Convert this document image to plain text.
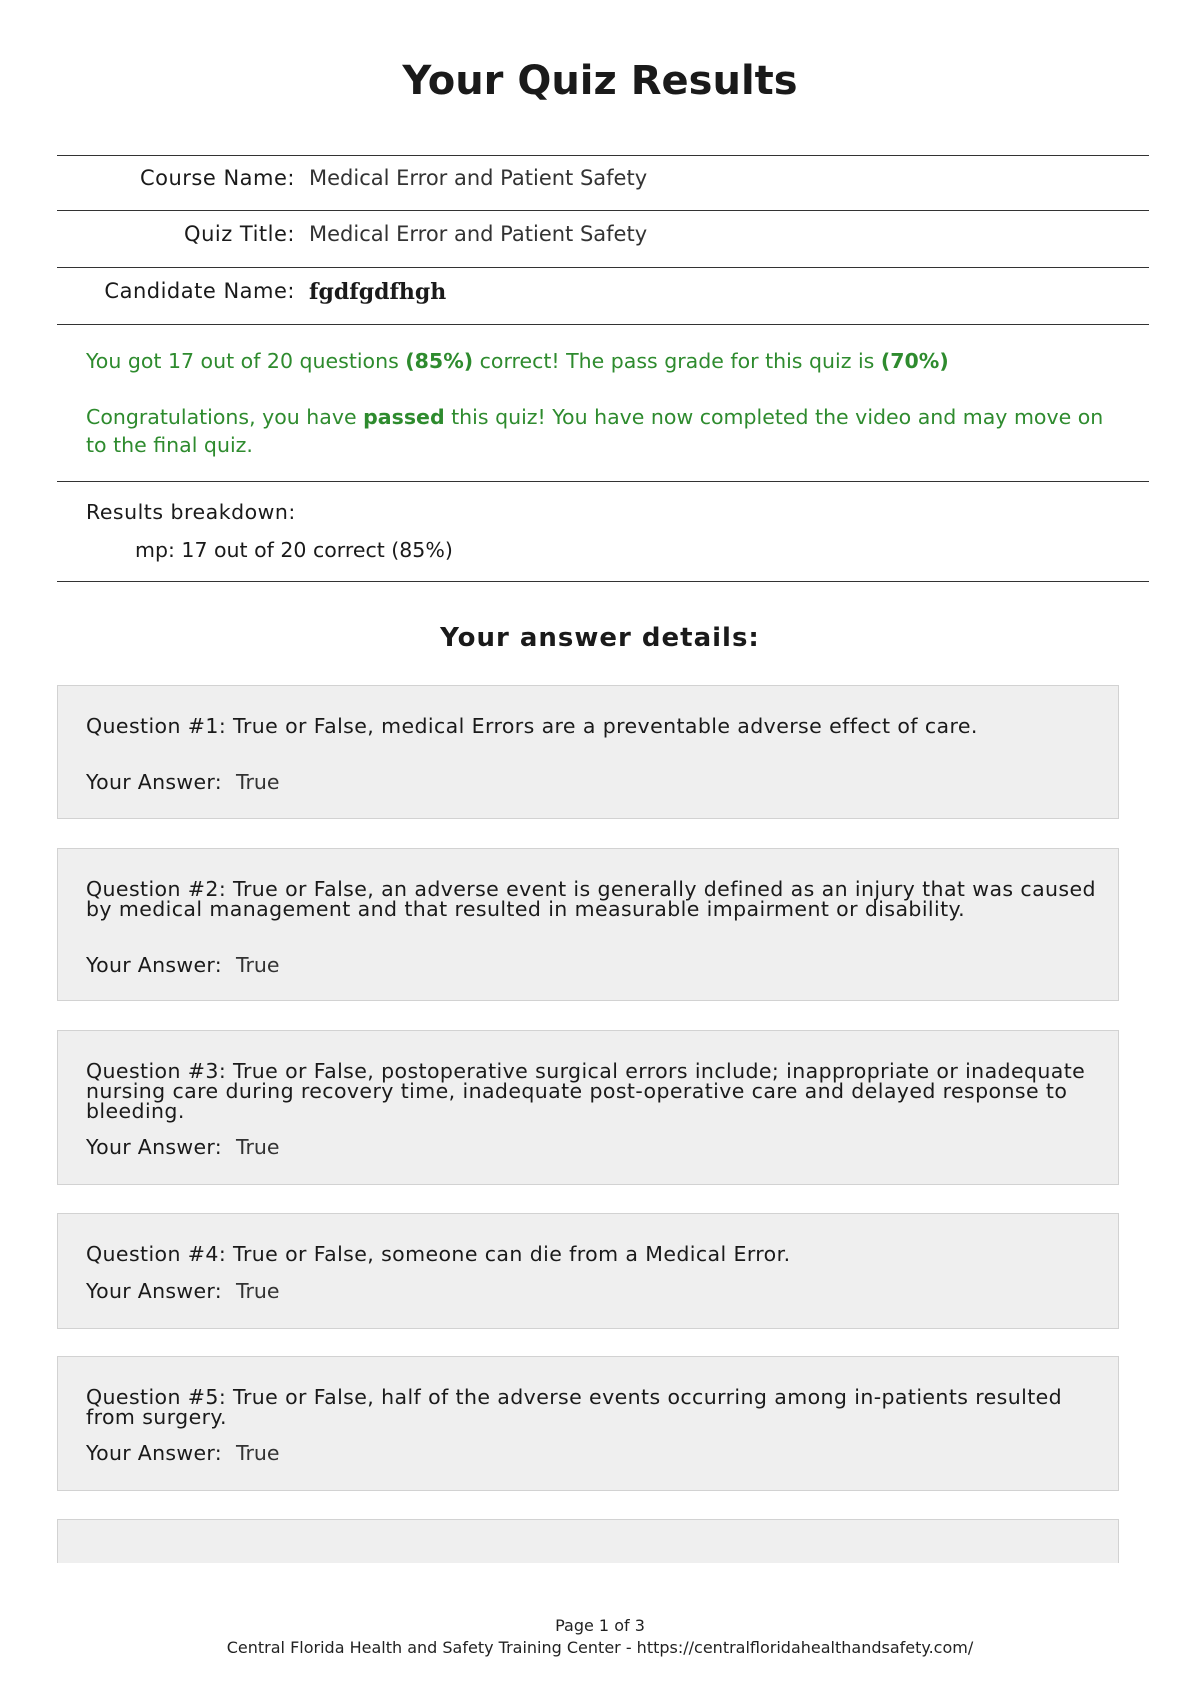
Your Quiz Results
Course Name: Medical Error and Patient Safety
Quiz Title: Medical Error and Patient Safety
Candidate Name: fgdfgdfhgh
You got 17 out of 20 questions (85%) correct! The pass grade for this quiz is (70%)
Congratulations, you have passed this quiz! You have now completed the video and may move on to the final quiz.
Results breakdown:
mp: 17 out of 20 correct (85%)
Your answer details:
Question #1: True or False, medical Errors are a preventable adverse effect of care.
Your Answer: True
Question #2: True or False, an adverse event is generally defined as an injury that was caused by medical management and that resulted in measurable impairment or disability.
Your Answer: True
Question #3: True or False, postoperative surgical errors include; inappropriate or inadequate nursing care during recovery time, inadequate post-operative care and delayed response to bleeding.
Your Answer: True
Question #4: True or False, someone can die from a Medical Error.
Your Answer: True
Question #5: True or False, half of the adverse events occurring among in-patients resulted from surgery.
Your Answer: True
Page 1 of 3
Central Florida Health and Safety Training Center - https://centralfloridahealthandsafety.com/
